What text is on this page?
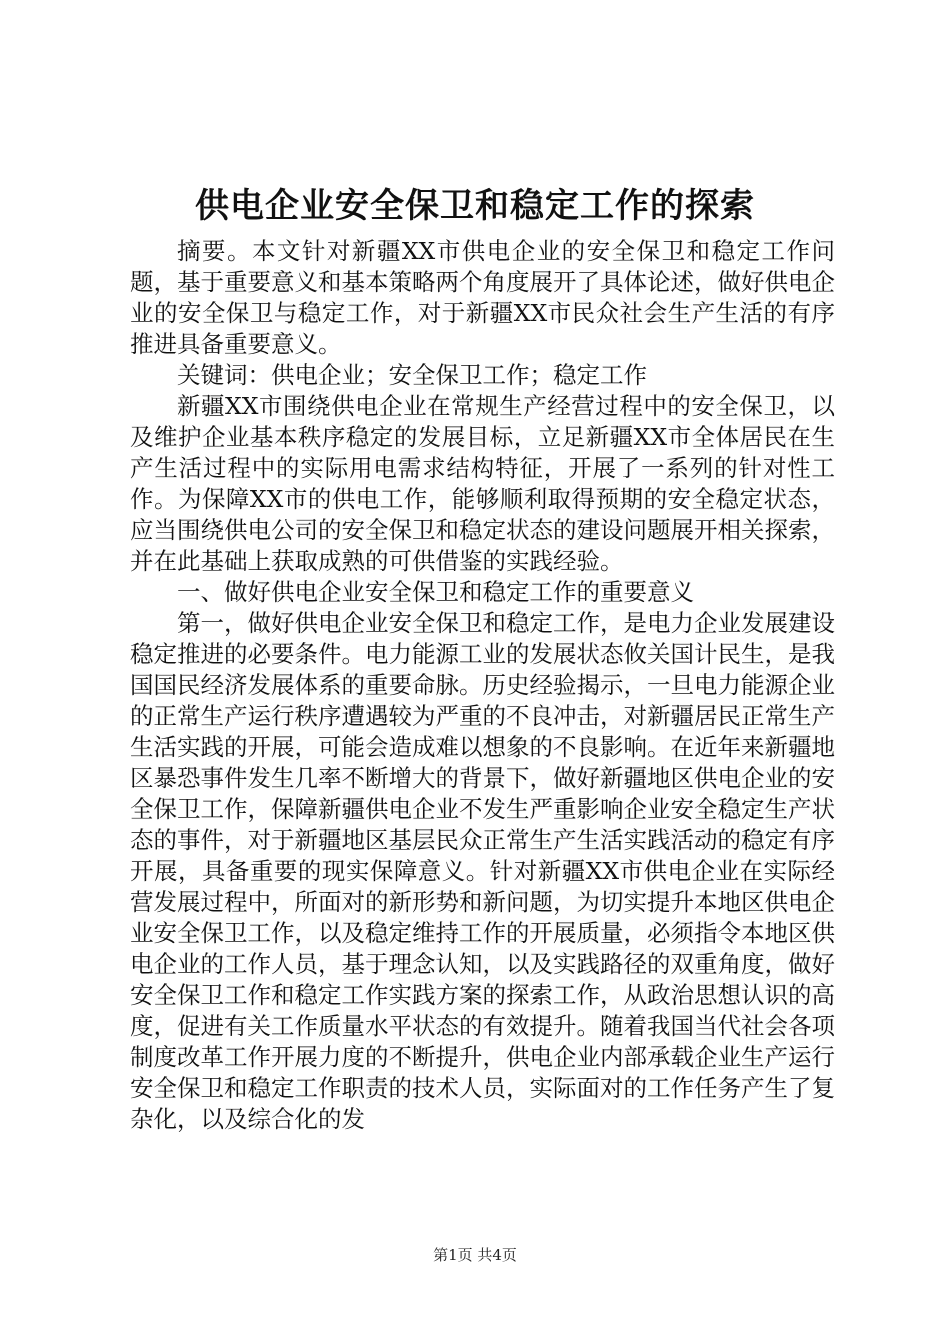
供电企业安全保卫和稳定工作的探索

摘要。本文针对新疆XX市供电企业的安全保卫和稳定工作问题，基于重要意义和基本策略两个角度展开了具体论述，做好供电企业的安全保卫与稳定工作，对于新疆XX市民众社会生产生活的有序推进具备重要意义。

关键词：供电企业；安全保卫工作；稳定工作

新疆XX市围绕供电企业在常规生产经营过程中的安全保卫，以及维护企业基本秩序稳定的发展目标，立足新疆XX市全体居民在生产生活过程中的实际用电需求结构特征，开展了一系列的针对性工作。为保障XX市的供电工作，能够顺利取得预期的安全稳定状态，应当围绕供电公司的安全保卫和稳定状态的建设问题展开相关探索，并在此基础上获取成熟的可供借鉴的实践经验。

一、做好供电企业安全保卫和稳定工作的重要意义

第一，做好供电企业安全保卫和稳定工作，是电力企业发展建设稳定推进的必要条件。电力能源工业的发展状态攸关国计民生，是我国国民经济发展体系的重要命脉。历史经验揭示，一旦电力能源企业的正常生产运行秩序遭遇较为严重的不良冲击，对新疆居民正常生产生活实践的开展，可能会造成难以想象的不良影响。在近年来新疆地区暴恐事件发生几率不断增大的背景下，做好新疆地区供电企业的安全保卫工作，保障新疆供电企业不发生严重影响企业安全稳定生产状态的事件，对于新疆地区基层民众正常生产生活实践活动的稳定有序开展，具备重要的现实保障意义。针对新疆XX市供电企业在实际经营发展过程中，所面对的新形势和新问题，为切实提升本地区供电企业安全保卫工作，以及稳定维持工作的开展质量，必须指令本地区供电企业的工作人员，基于理念认知，以及实践路径的双重角度，做好安全保卫工作和稳定工作实践方案的探索工作，从政治思想认识的高度，促进有关工作质量水平状态的有效提升。随着我国当代社会各项制度改革工作开展力度的不断提升，供电企业内部承载企业生产运行安全保卫和稳定工作职责的技术人员，实际面对的工作任务产生了复杂化，以及综合化的发

第1页 共4页
